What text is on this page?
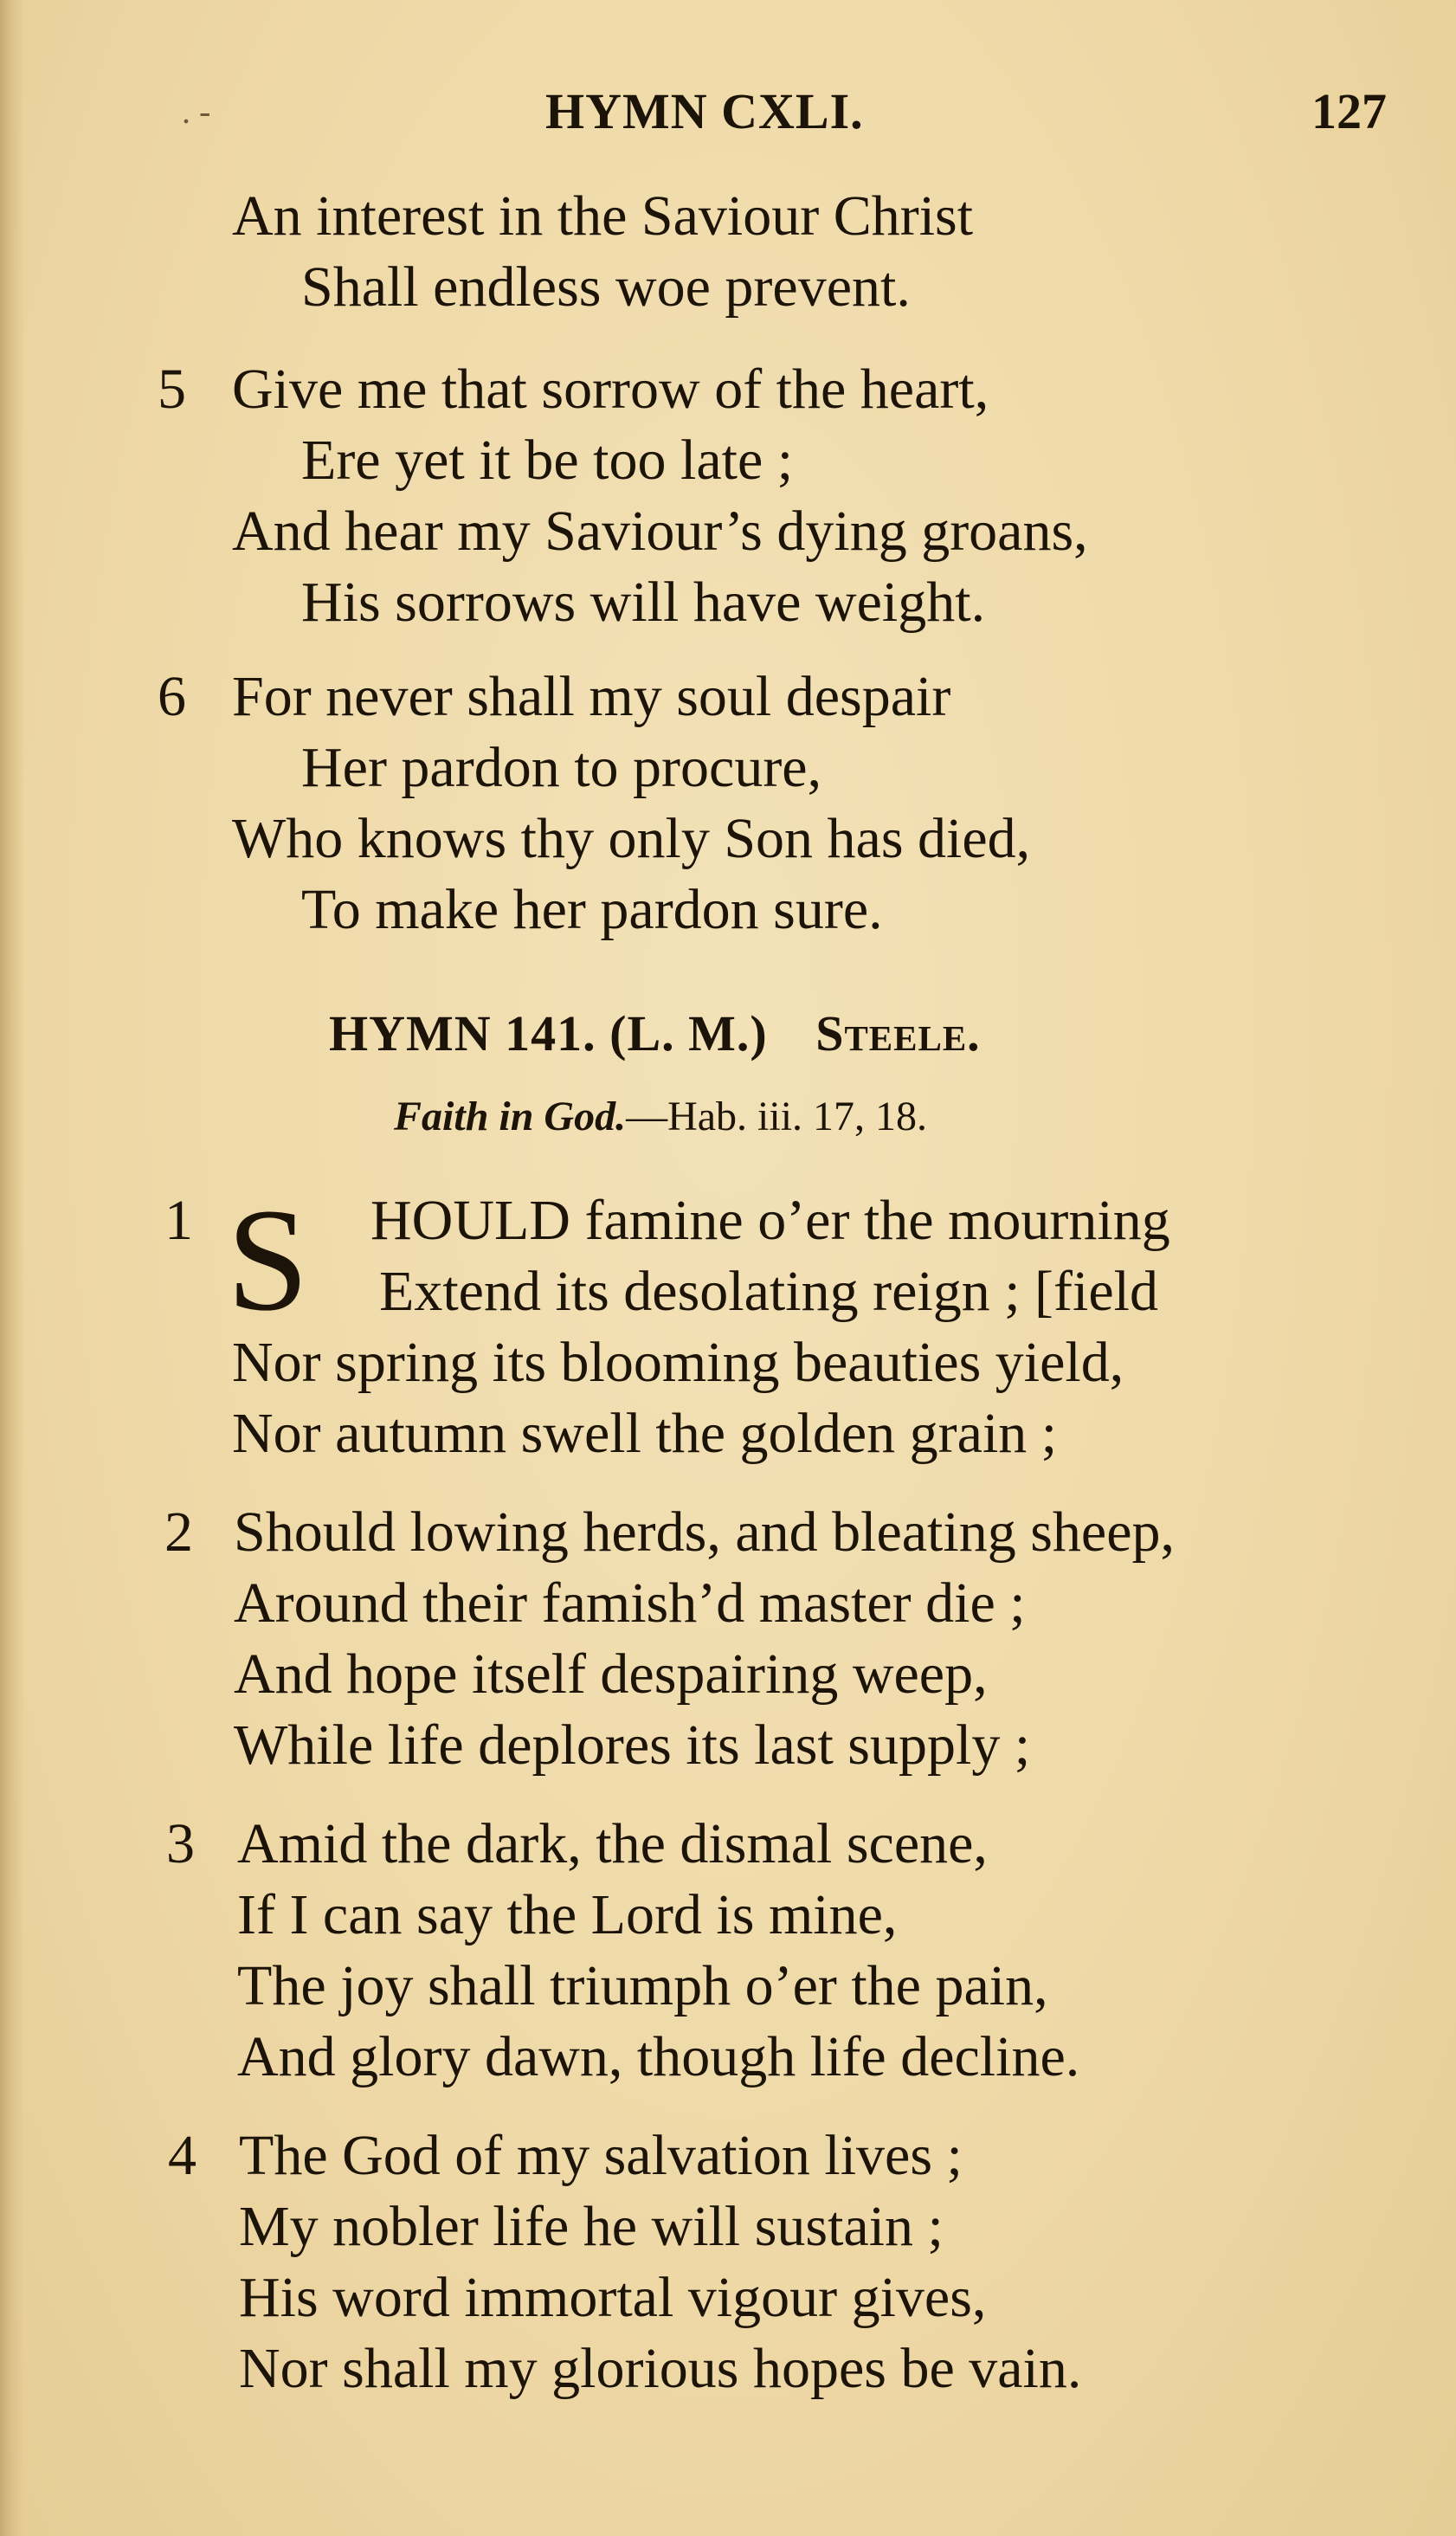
. -	HYMN CXLI.	127
An interest in the Saviour Christ
Shall endless woe prevent.
5 Give me that sorrow of the heart,
Ere yet it be too late ;
And hear my Saviour’s dying groans,
His sorrows will have weight.
6 For never shall my soul despair
Her pardon to procure,
Who knows thy only Son has died,
To make her pardon sure.
HYMN 141. (L. M.) Steele.
Faith in God.—Hab. iii. 17, 18.
1 S HOULD famine o’er the mourning
Extend its desolating reign ; [field
Nor spring its blooming beauties yield,
Nor autumn swell the golden grain ;
2 Should lowing herds, and bleating sheep,
Around their famish’d master die ;
And hope itself despairing weep,
While life deplores its last supply ;
3 Amid the dark, the dismal scene,
If I can say the Lord is mine,
The joy shall triumph o’er the pain,
And glory dawn, though life decline.
4 The God of my salvation lives ;
My nobler life he will sustain ;
His word immortal vigour gives,
Nor shall my glorious hopes be vain.
